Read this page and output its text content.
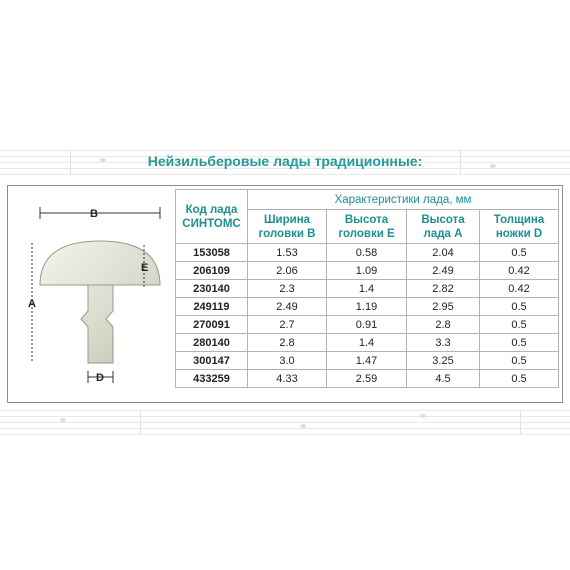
Нейзильберовые лады традиционные:
B
E
A
D
Код лада СИНТОМС	Характеристики лада, мм			
	Ширина головки B	Высота головки E	Высота лада A	Толщина ножки D
153058	1.53	0.58	2.04	0.5
206109	2.06	1.09	2.49	0.42
230140	2.3	1.4	2.82	0.42
249119	2.49	1.19	2.95	0.5
270091	2.7	0.91	2.8	0.5
280140	2.8	1.4	3.3	0.5
300147	3.0	1.47	3.25	0.5
433259	4.33	2.59	4.5	0.5
